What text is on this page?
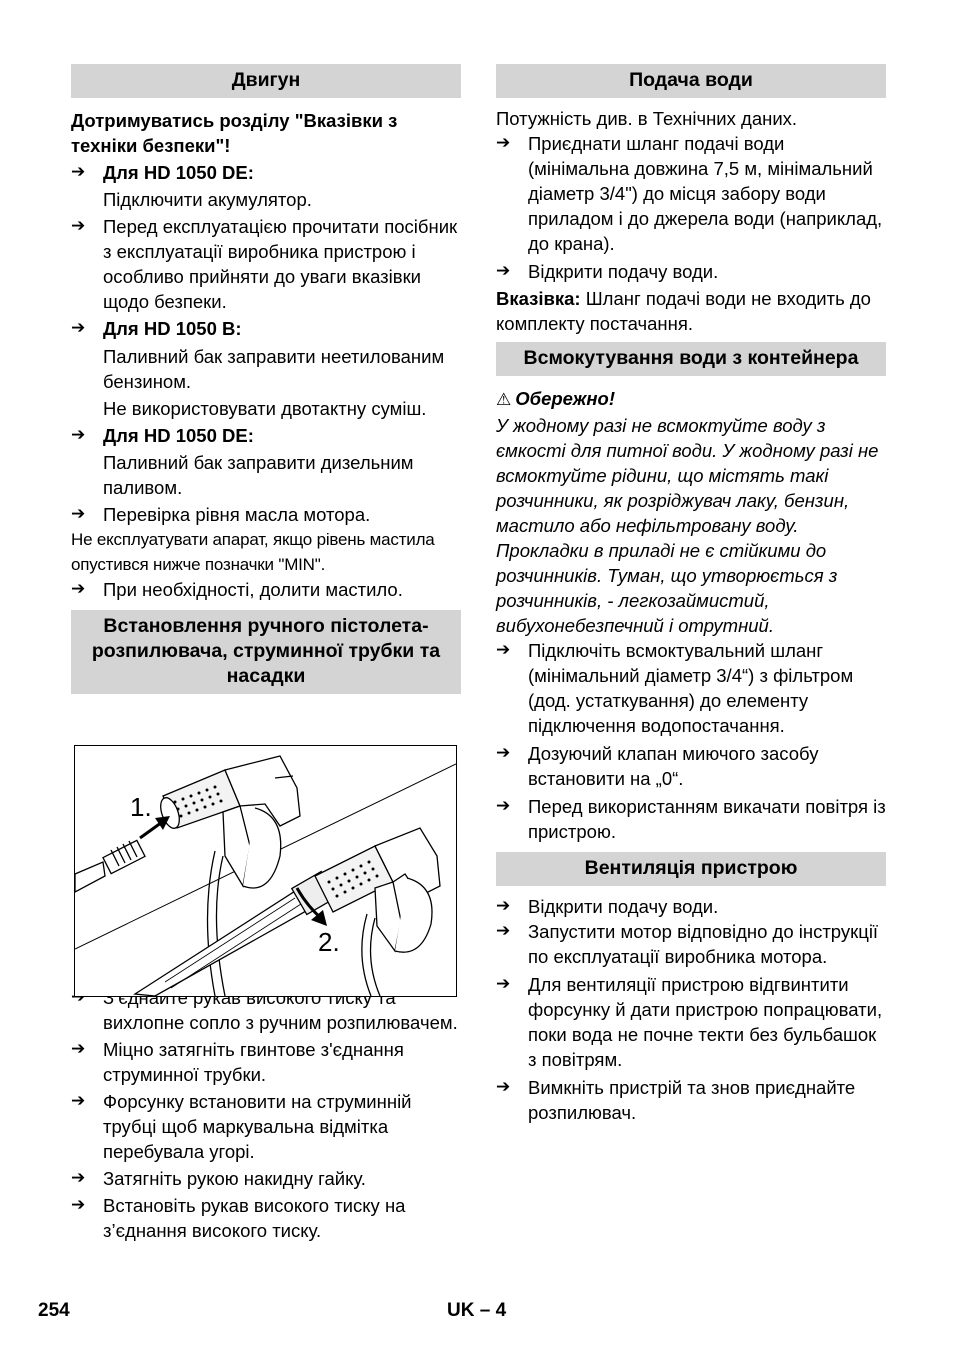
Двигун

Дотримуватись розділу "Вказівки з техніки безпеки"!

➔ Для HD 1050 DE:

Підключити акумулятор.

➔ Перед експлуатацією прочитати посібник з експлуатації виробника пристрою і особливо прийняти до уваги вказівки щодо безпеки.

➔ Для HD 1050 B:

Паливний бак заправити неетилованим бензином.

Не використовувати двотактну суміш.

➔ Для HD 1050 DE:

Паливний бак заправити дизельним паливом.

➔ Перевірка рівня масла мотора.

Не експлуатувати апарат, якщо рівень мастила опустився нижче позначки "MIN".

➔ При необхідності, долити мастило.

Встановлення ручного пістолета-розпилювача, струминної трубки та насадки

➔ вихлопне сопло з ручним розпилювачем.

➔ Міцно затягніть гвинтове з'єднання струминної трубки.

➔ Форсунку встановити на струминній трубці щоб маркувальна відмітка перебувала угорі.

➔ Затягніть рукою накидну гайку.

➔ Встановіть рукав високого тиску на з’єднання високого тиску.

1.
2.
Подача води

Потужність див. в Технічних даних.

➔ Приєднати шланг подачі води (мінімальна довжина 7,5 м, мінімальний діаметр 3/4") до місця забору води приладом і до джерела води (наприклад, до крана).

➔ Відкрити подачу води.

Вказівка: Шланг подачі води не входить до комплекту постачання.

Всмокутування води з контейнера

⚠ Обережно!

У жодному разі не всмоктуйте воду з ємкості для питної води. У жодному разі не всмоктуйте рідини, що містять такі розчинники, як розріджувач лаку, бензин, мастило або нефільтровану воду. Прокладки в приладі не є стійкими до розчинників. Туман, що утворюється з розчинників, - легкозаймистий, вибухонебезпечний і отрутний.

➔ Підключіть всмоктувальний шланг (мінімальний діаметр 3/4“) з фільтром (дод. устаткування) до елементу підключення водопостачання.

➔ Дозуючий клапан миючого засобу встановити на „0“.

➔ Перед використанням викачати повітря із пристрою.

Вентиляція пристрою

➔ Відкрити подачу води.

➔ Запустити мотор відповідно до інструкції по експлуатації виробника мотора.

➔ Для вентиляції пристрою відгвинтити форсунку й дати пристрою попрацювати, поки вода не почне текти без бульбашок з повітрям.

➔ Вимкніть пристрій та знов приєднайте розпилювач.

254	UK – 4
